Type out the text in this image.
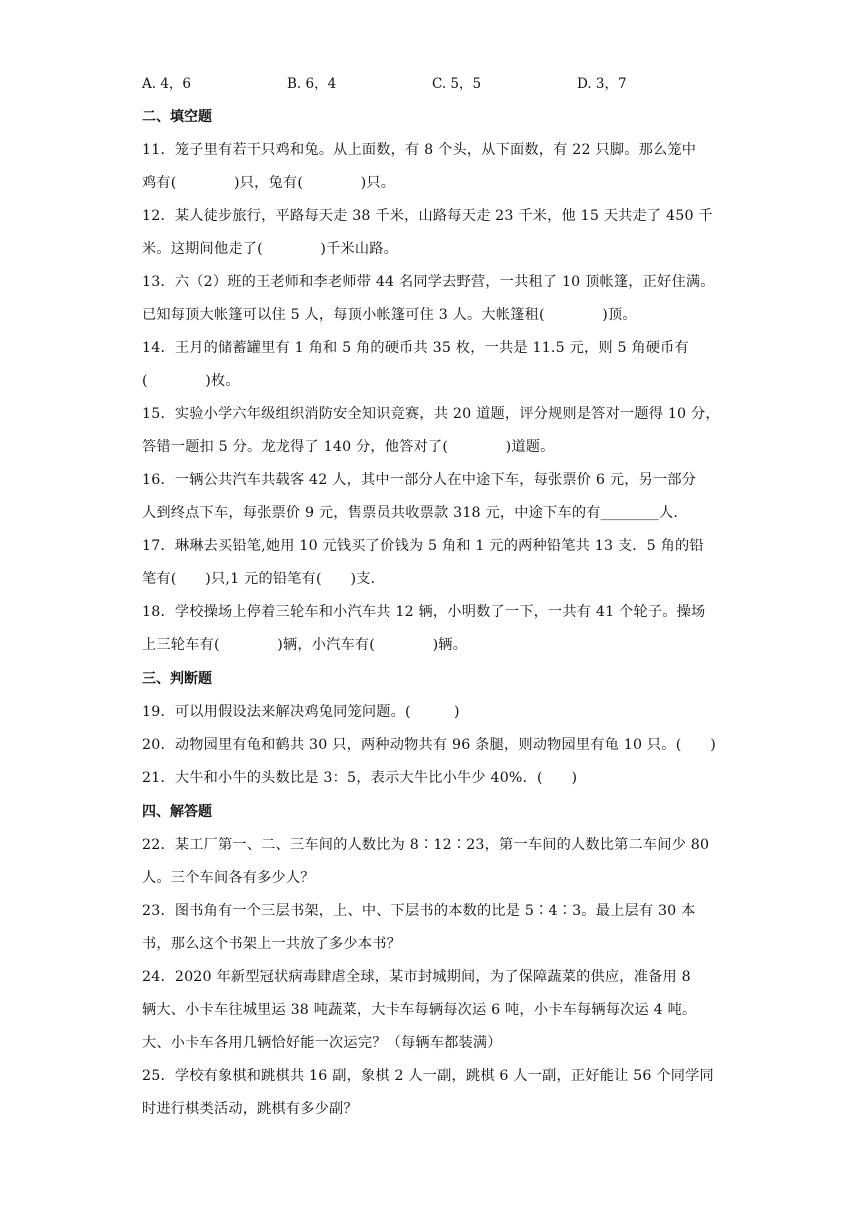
A. 4，6	B. 6，4	C. 5，5	D. 3，7
二、填空题

11．笼子里有若干只鸡和兔。从上面数，有 8 个头，从下面数，有 22 只脚。那么笼中

鸡有(　　　　)只，兔有(　　　　)只。

12．某人徒步旅行，平路每天走 38 千米，山路每天走 23 千米，他 15 天共走了 450 千

米。这期间他走了(　　　　)千米山路。

13．六（2）班的王老师和李老师带 44 名同学去野营，一共租了 10 顶帐篷，正好住满。

已知每顶大帐篷可以住 5 人，每顶小帐篷可住 3 人。大帐篷租(　　　　)顶。

14．王月的储蓄罐里有 1 角和 5 角的硬币共 35 枚，一共是 11.5 元，则 5 角硬币有

(　　　　)枚。

15．实验小学六年级组织消防安全知识竞赛，共 20 道题，评分规则是答对一题得 10 分，

答错一题扣 5 分。龙龙得了 140 分，他答对了(　　　　)道题。

16．一辆公共汽车共载客 42 人，其中一部分人在中途下车，每张票价 6 元，另一部分

人到终点下车，每张票价 9 元，售票员共收票款 318 元，中途下车的有________人.

17．琳琳去买铅笔,她用 10 元钱买了价钱为 5 角和 1 元的两种铅笔共 13 支．5 角的铅

笔有(　　)只,1 元的铅笔有(　　)支.

18．学校操场上停着三轮车和小汽车共 12 辆，小明数了一下，一共有 41 个轮子。操场

上三轮车有(　　　　)辆，小汽车有(　　　　)辆。

三、判断题

19．可以用假设法来解决鸡兔同笼问题。(　　　)

20．动物园里有龟和鹤共 30 只，两种动物共有 96 条腿，则动物园里有龟 10 只。(　　)

21．大牛和小牛的头数比是 3：5，表示大牛比小牛少 40%．(　　)

四、解答题

22．某工厂第一、二、三车间的人数比为 8∶12∶23，第一车间的人数比第二车间少 80

人。三个车间各有多少人？

23．图书角有一个三层书架，上、中、下层书的本数的比是 5∶4∶3。最上层有 30 本

书，那么这个书架上一共放了多少本书？

24．2020 年新型冠状病毒肆虐全球，某市封城期间，为了保障蔬菜的供应，准备用 8

辆大、小卡车往城里运 38 吨蔬菜，大卡车每辆每次运 6 吨，小卡车每辆每次运 4 吨。

大、小卡车各用几辆恰好能一次运完？（每辆车都装满）

25．学校有象棋和跳棋共 16 副，象棋 2 人一副，跳棋 6 人一副，正好能让 56 个同学同

时进行棋类活动，跳棋有多少副？
